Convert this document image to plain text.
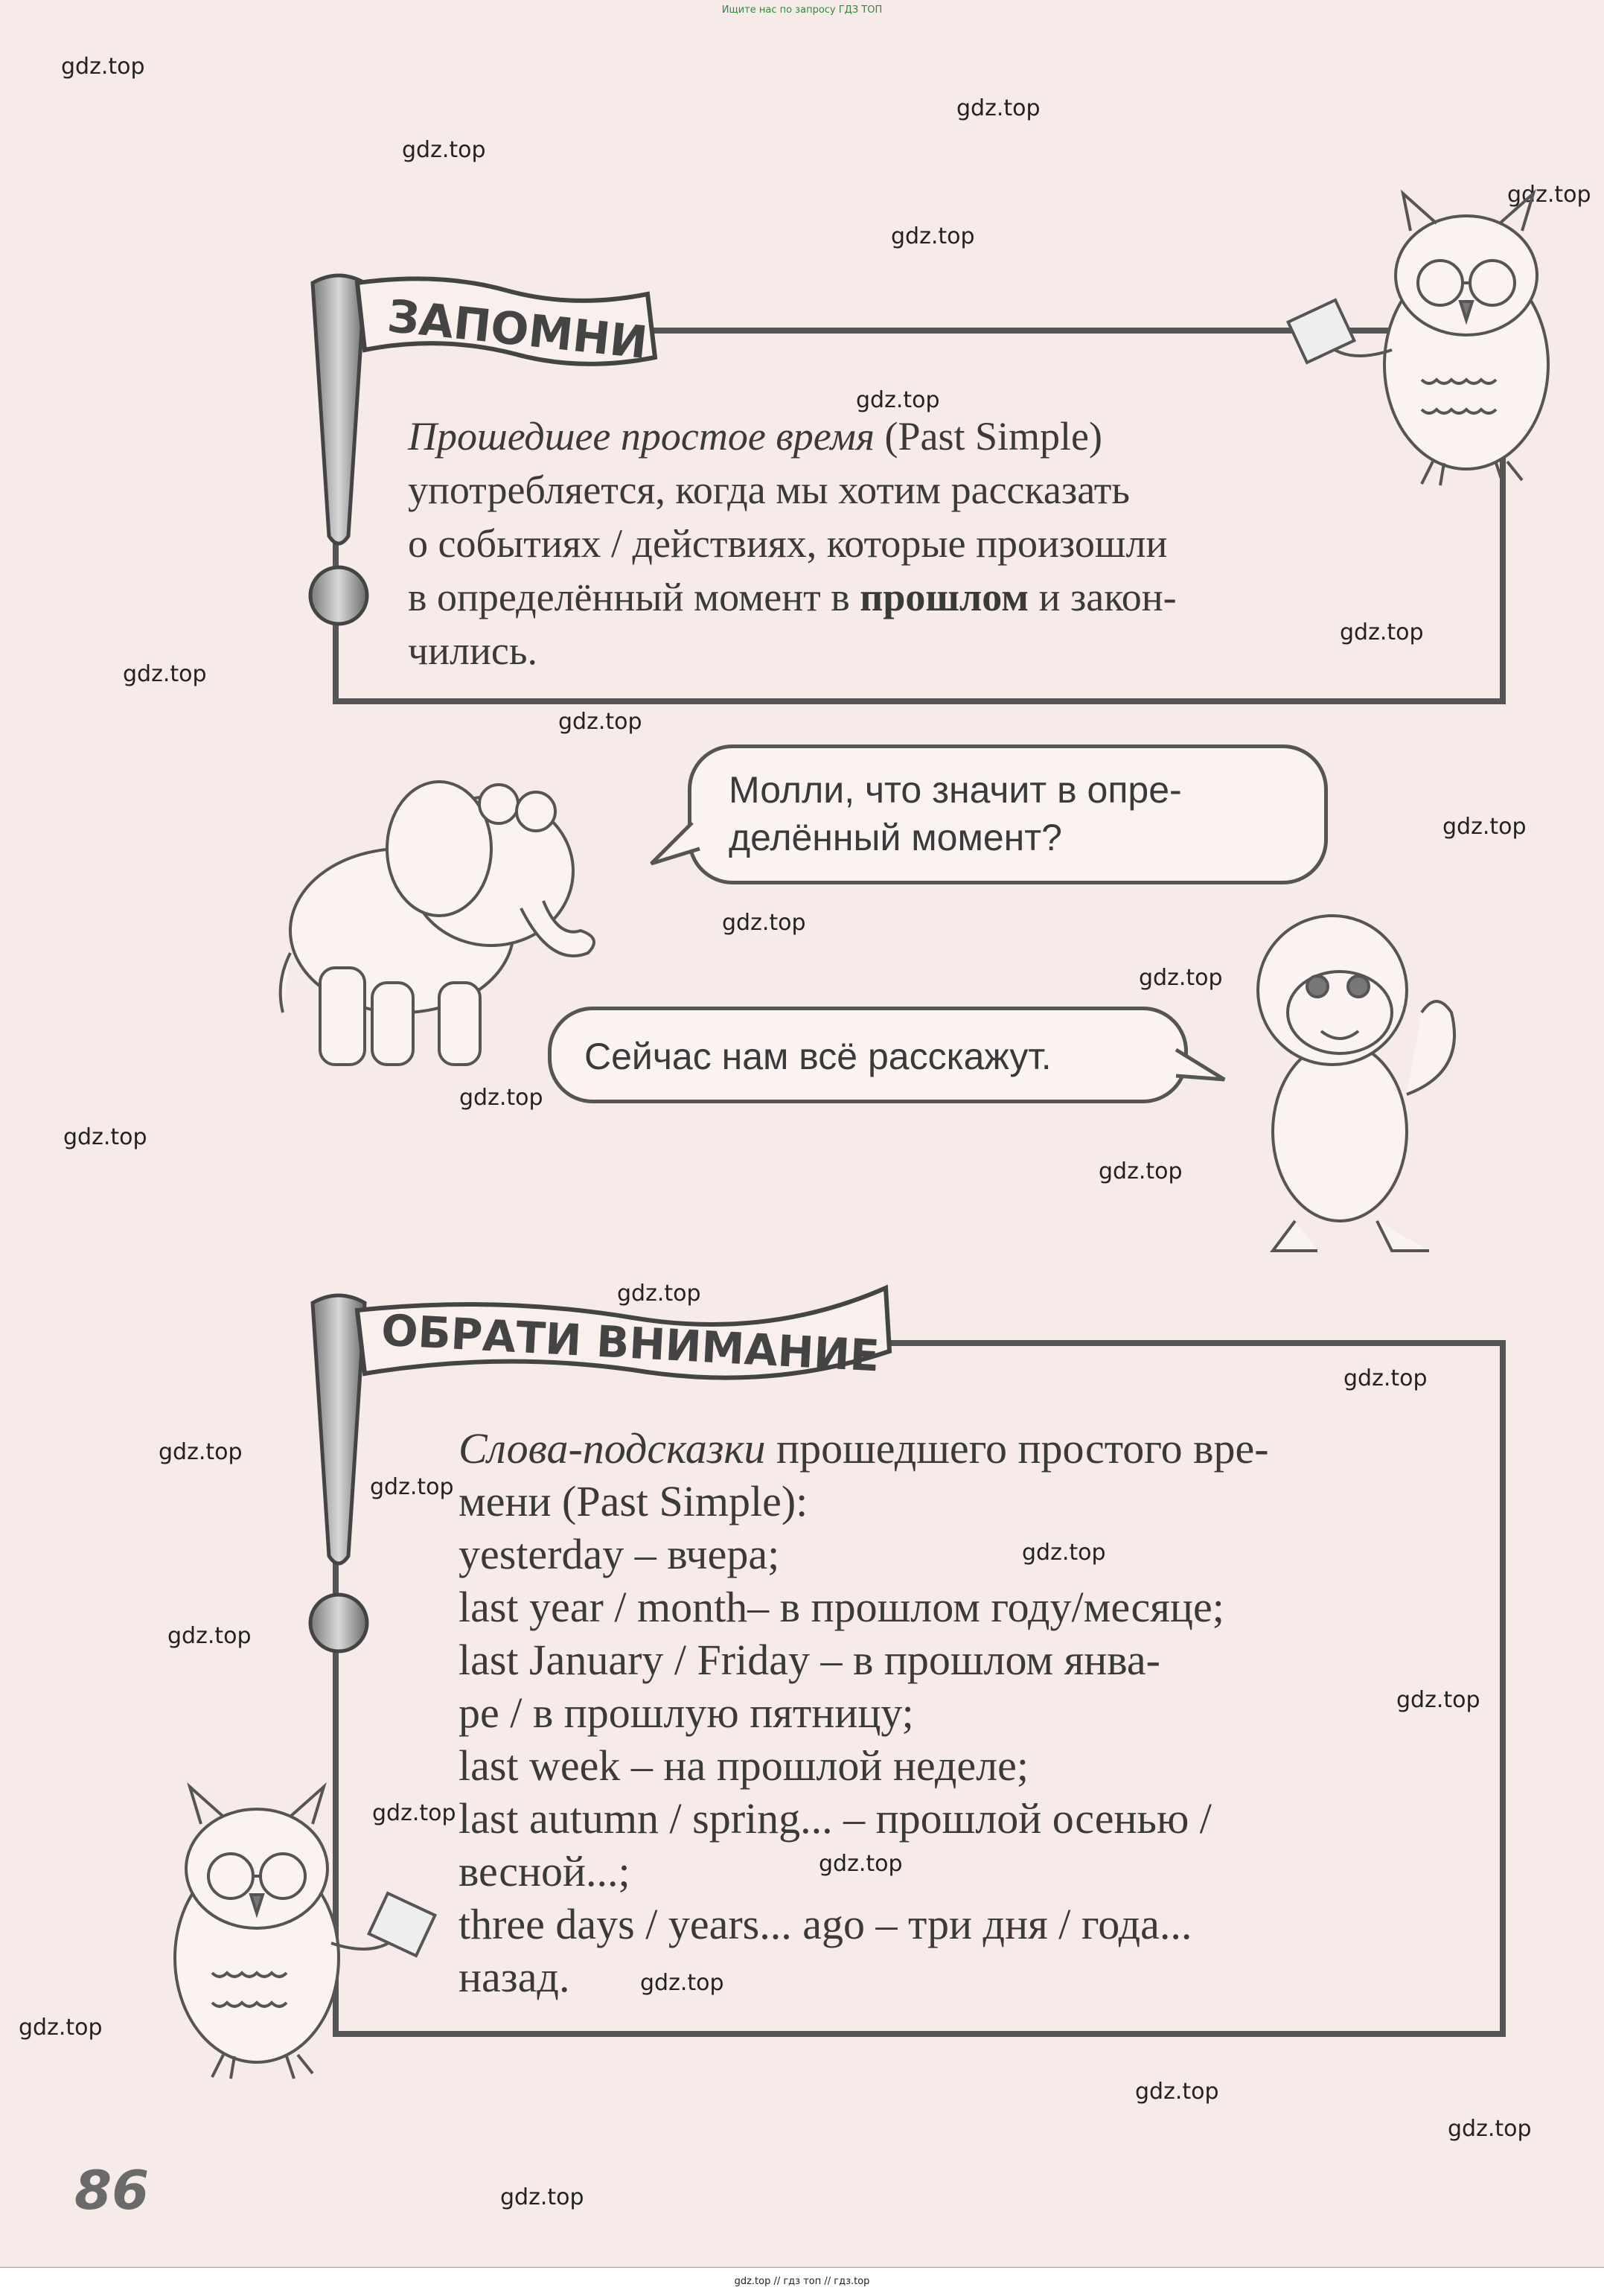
Ищите нас по запросу ГДЗ ТОП
gdz.top
gdz.top
gdz.top
gdz.top
gdz.top
gdz.top
gdz.top
gdz.top
gdz.top
gdz.top
gdz.top
gdz.top
gdz.top
gdz.top
gdz.top
gdz.top
gdz.top
gdz.top
gdz.top
gdz.top
gdz.top
gdz.top
gdz.top
gdz.top
gdz.top
gdz.top
gdz.top
gdz.top
gdz.top
ЗАПОМНИ
Прошедшее простое время (Past Simple)
употребляется, когда мы хотим рассказать
о событиях / действиях, которые произошли
в определённый момент в прошлом и закон-
чились.
Молли, что значит в опре-
делённый момент?
Сейчас нам всё расскажут.
ОБРАТИ ВНИМАНИЕ
Слова-подсказки прошедшего простого вре-
мени (Past Simple):
yesterday – вчера;
last year / month– в прошлом году/месяце;
last January / Friday – в прошлом янва-
ре / в прошлую пятницу;
last week – на прошлой неделе;
last autumn / spring... – прошлой осенью /
весной...;
three days / years... ago – три дня / года...
назад.
86
gdz.top // гдз топ // гдз.top
